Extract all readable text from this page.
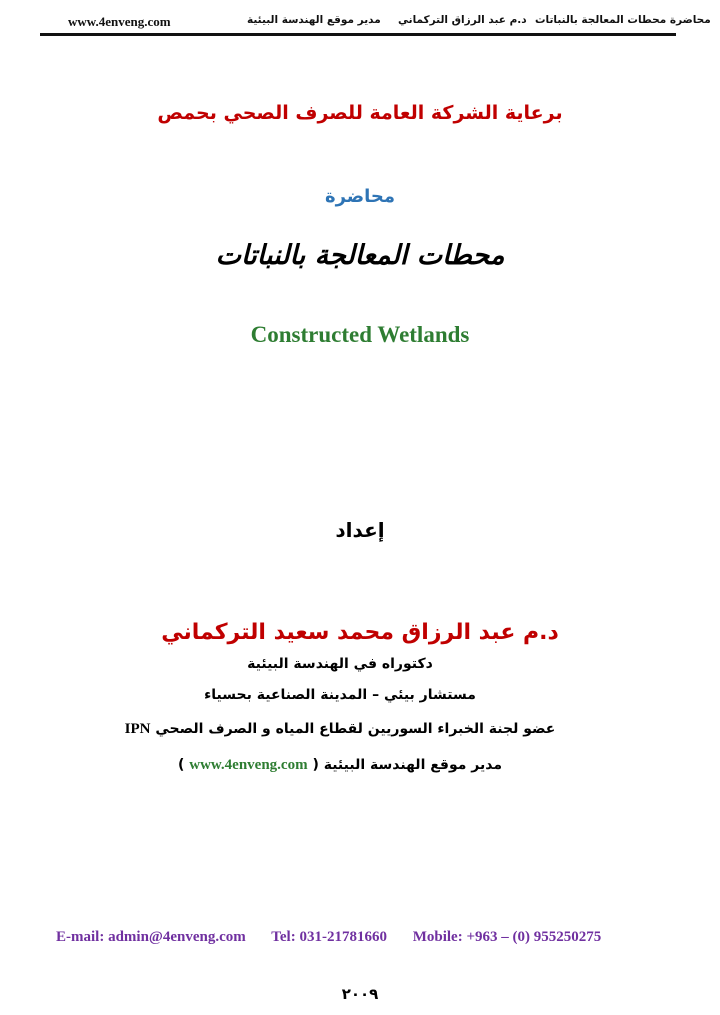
www.4enveng.com	مدير موقع الهندسة البيئية د.م عبد الرزاق التركماني محاضرة محطات المعالجة بالنباتات
برعاية الشركة العامة للصرف الصحي بحمص
محاضرة
محطات المعالجة بالنباتات
Constructed Wetlands
إعداد
د.م عبد الرزاق محمد سعيد التركماني
دكتوراه في الهندسة البيئية
مستشار بيئي – المدينة الصناعية بحسياء
عضو لجنة الخبراء السوريين لقطاع المياه و الصرف الصحي IPN
مدير موقع الهندسة البيئية ( www.4enveng.com )
E-mail: admin@4enveng.com Tel: 031-21781660 Mobile: +963 – (0) 955250275
٢٠٠٩
